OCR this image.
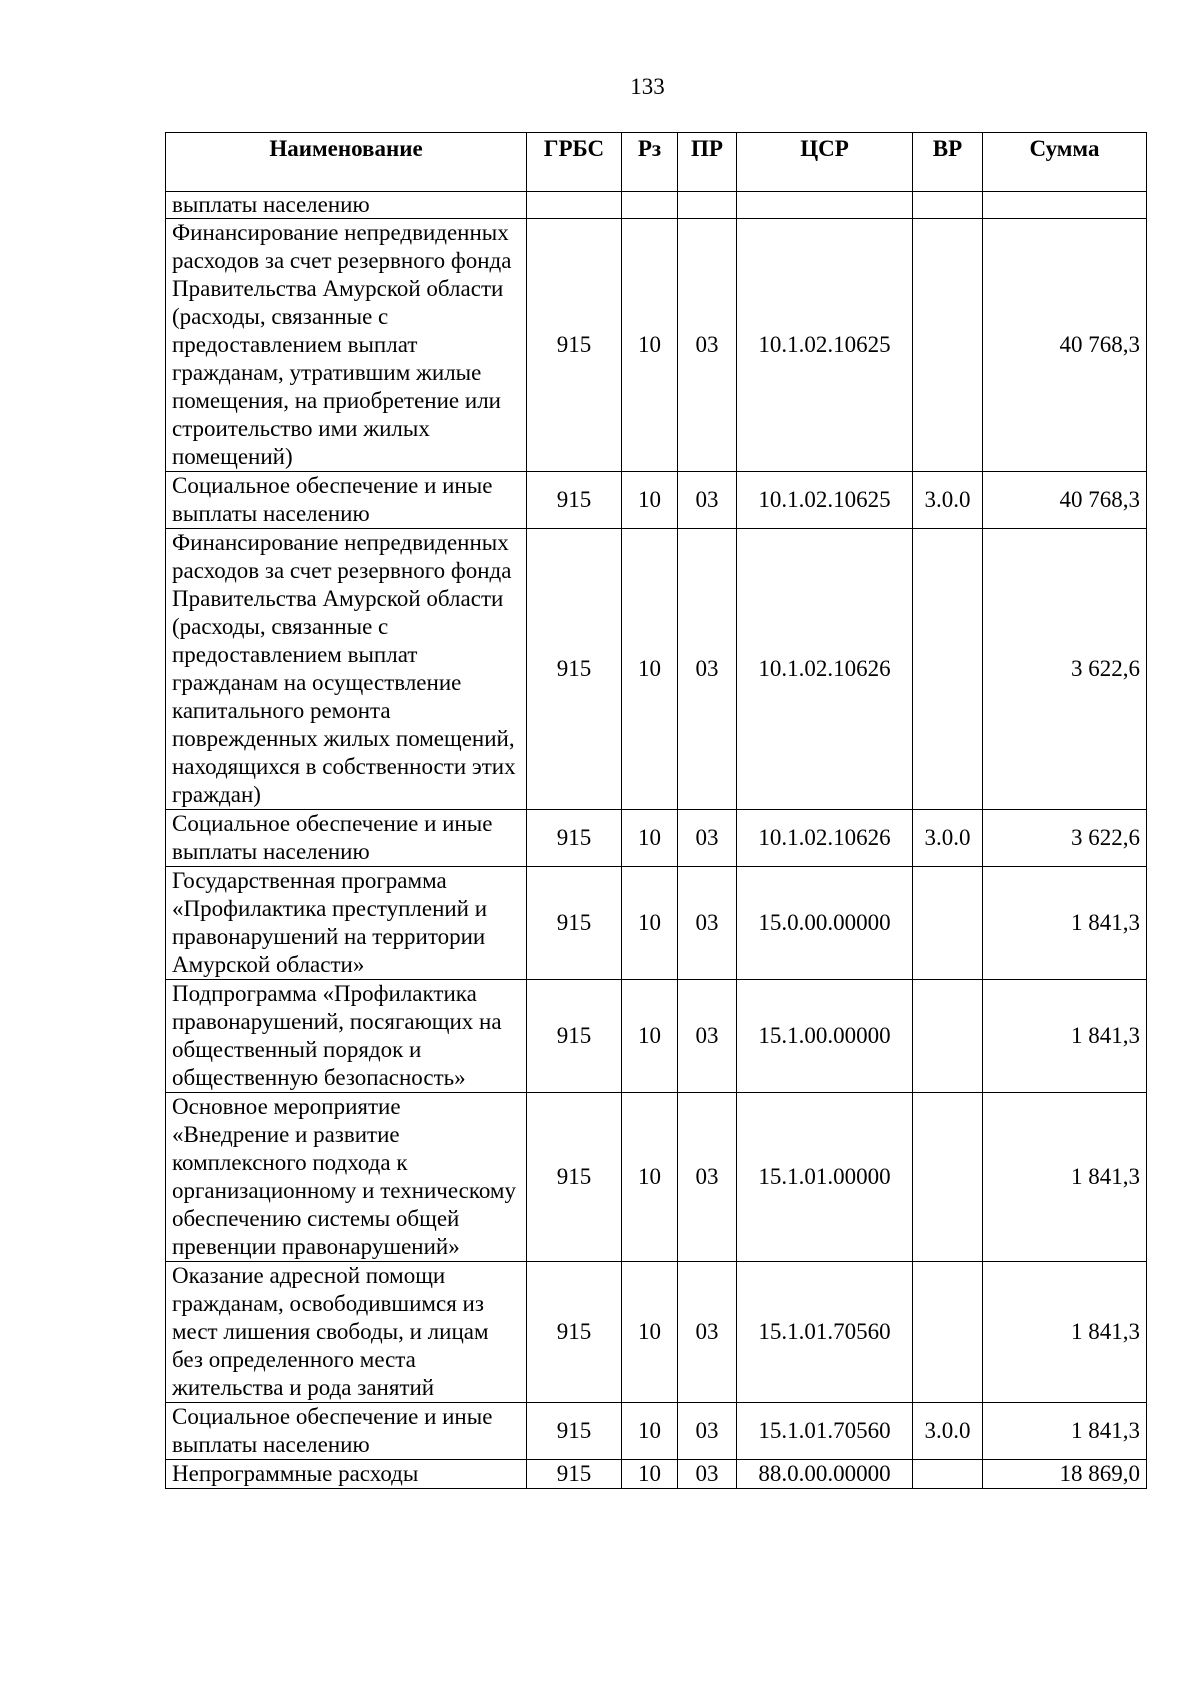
133
Наименование	ГРБС	Рз	ПР	ЦСР	ВР	Сумма
выплаты населению						
Финансирование непредвиденных расходов за счет резервного фонда Правительства Амурской области (расходы, связанные с предоставлением выплат гражданам, утратившим жилые помещения, на приобретение или строительство ими жилых помещений)	915	10	03	10.1.02.10625		40 768,3
Социальное обеспечение и иные выплаты населению	915	10	03	10.1.02.10625	3.0.0	40 768,3
Финансирование непредвиденных расходов за счет резервного фонда Правительства Амурской области (расходы, связанные с предоставлением выплат гражданам на осуществление капитального ремонта поврежденных жилых помещений, находящихся в собственности этих граждан)	915	10	03	10.1.02.10626		3 622,6
Социальное обеспечение и иные выплаты населению	915	10	03	10.1.02.10626	3.0.0	3 622,6
Государственная программа «Профилактика преступлений и правонарушений на территории Амурской области»	915	10	03	15.0.00.00000		1 841,3
Подпрограмма «Профилактика правонарушений, посягающих на общественный порядок и общественную безопасность»	915	10	03	15.1.00.00000		1 841,3
Основное мероприятие «Внедрение и развитие комплексного подхода к организационному и техническому обеспечению системы общей превенции правонарушений»	915	10	03	15.1.01.00000		1 841,3
Оказание адресной помощи гражданам, освободившимся из мест лишения свободы, и лицам без определенного места жительства и рода занятий	915	10	03	15.1.01.70560		1 841,3
Социальное обеспечение и иные выплаты населению	915	10	03	15.1.01.70560	3.0.0	1 841,3
Непрограммные расходы	915	10	03	88.0.00.00000		18 869,0
